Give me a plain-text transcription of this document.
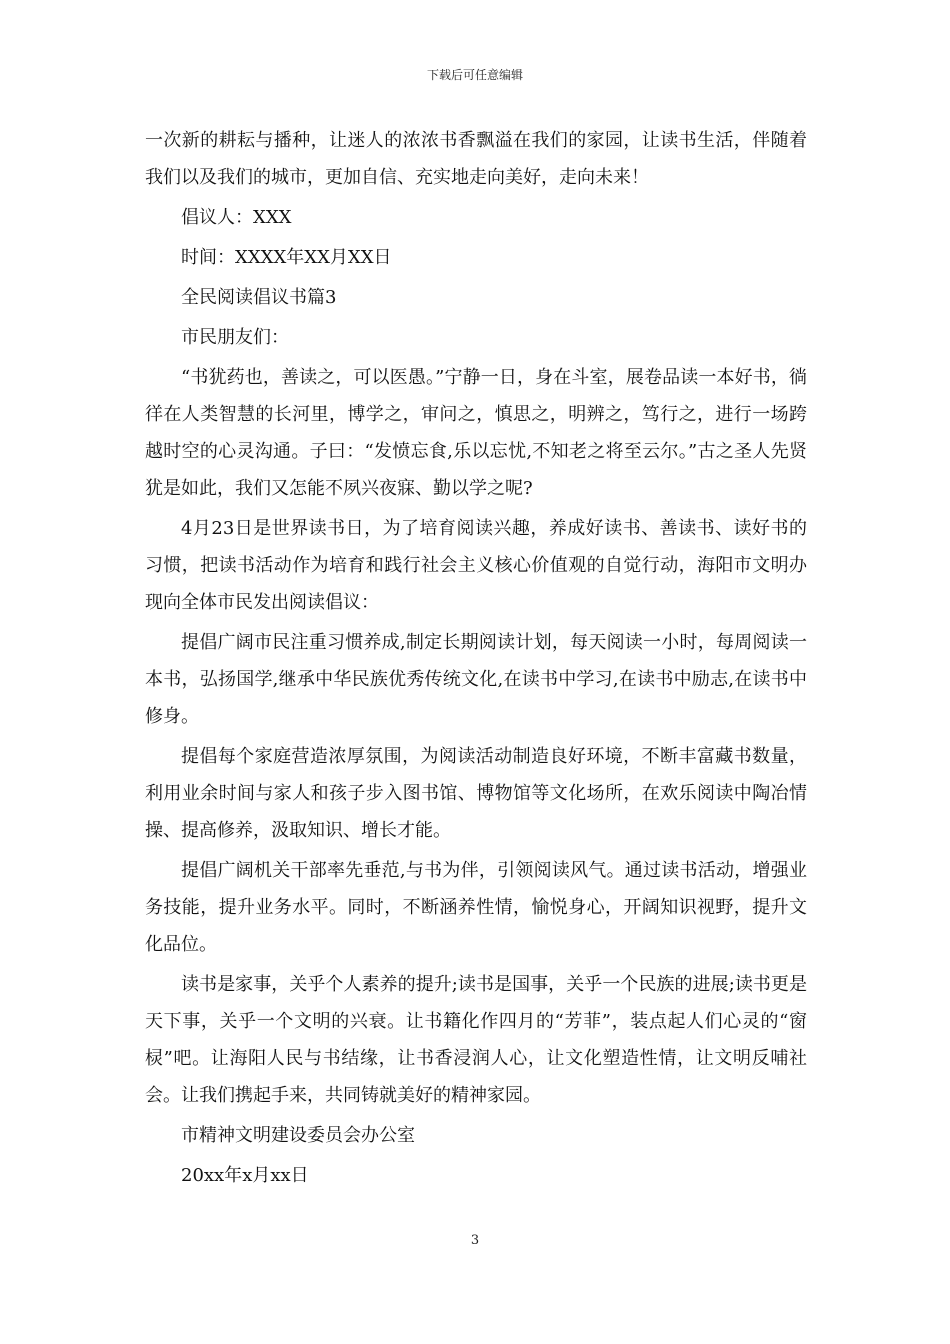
下载后可任意编辑

一次新的耕耘与播种，让迷人的浓浓书香飘溢在我们的家园，让读书生活，伴随着我们以及我们的城市，更加自信、充实地走向美好，走向未来！

倡议人：XXX

时间：XXXX年XX月XX日

全民阅读倡议书篇3

市民朋友们：

“书犹药也，善读之，可以医愚。”宁静一日，身在斗室，展卷品读一本好书，徜徉在人类智慧的长河里，博学之，审问之，慎思之，明辨之，笃行之，进行一场跨越时空的心灵沟通。子曰：“发愤忘食,乐以忘忧,不知老之将至云尔。”古之圣人先贤犹是如此，我们又怎能不夙兴夜寐、勤以学之呢?

4月23日是世界读书日，为了培育阅读兴趣，养成好读书、善读书、读好书的习惯，把读书活动作为培育和践行社会主义核心价值观的自觉行动，海阳市文明办现向全体市民发出阅读倡议：

提倡广阔市民注重习惯养成,制定长期阅读计划，每天阅读一小时，每周阅读一本书，弘扬国学,继承中华民族优秀传统文化,在读书中学习,在读书中励志,在读书中修身。

提倡每个家庭营造浓厚氛围，为阅读活动制造良好环境，不断丰富藏书数量，利用业余时间与家人和孩子步入图书馆、博物馆等文化场所，在欢乐阅读中陶冶情操、提高修养，汲取知识、增长才能。

提倡广阔机关干部率先垂范,与书为伴，引领阅读风气。通过读书活动，增强业务技能，提升业务水平。同时，不断涵养性情，愉悦身心，开阔知识视野，提升文化品位。

读书是家事，关乎个人素养的提升;读书是国事，关乎一个民族的进展;读书更是天下事，关乎一个文明的兴衰。让书籍化作四月的“芳菲”，装点起人们心灵的“窗棂”吧。让海阳人民与书结缘，让书香浸润人心，让文化塑造性情，让文明反哺社会。让我们携起手来，共同铸就美好的精神家园。

市精神文明建设委员会办公室

20xx年x月xx日

3
